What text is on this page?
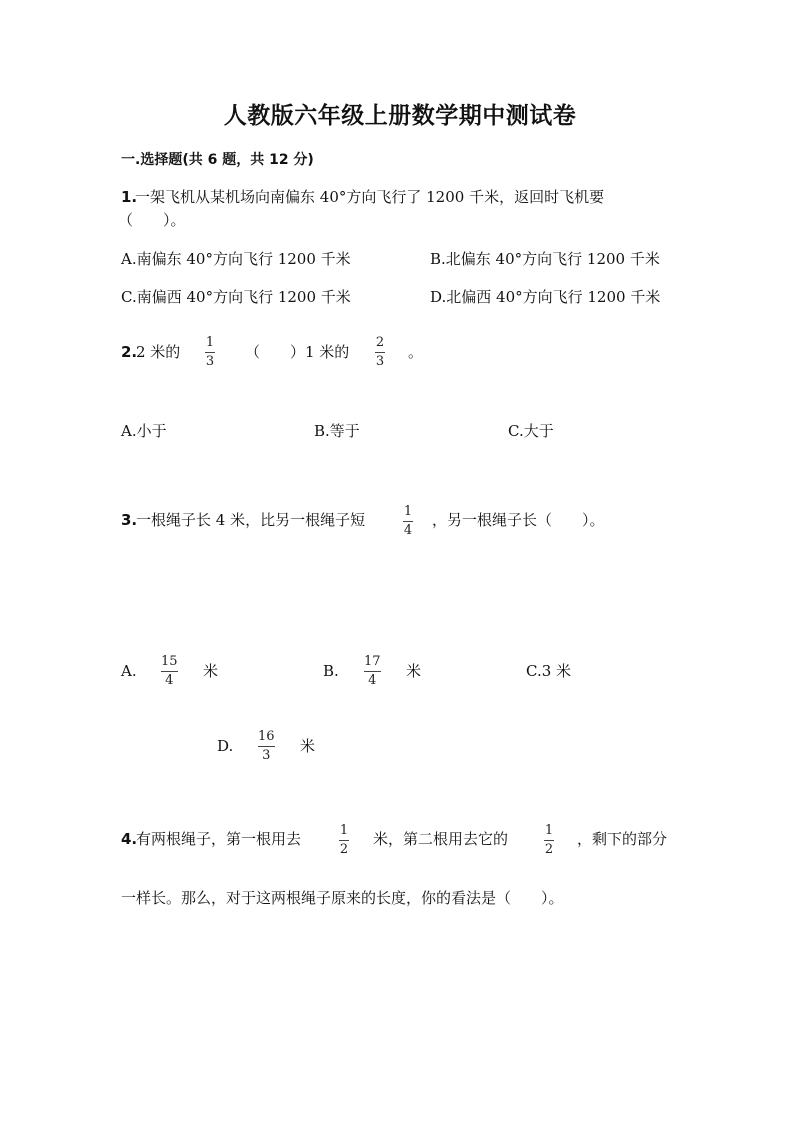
人教版六年级上册数学期中测试卷
一.选择题(共 6 题，共 12 分)
1.
一架飞机从某机场向南偏东 40°方向飞行了 1200 千米，返回时飞机要
（　　）。
A.南偏东 40°方向飞行 1200 千米	B.北偏东 40°方向飞行 1200 千米
C.南偏西 40°方向飞行 1200 千米	D.北偏西 40°方向飞行 1200 千米
2.
2 米的
1
3
（　　）1 米的
2
3
。
A.小于	B.等于	C.大于
3.
一根绳子长 4 米，比另一根绳子短	1
4
，另一根绳子长（　　）。
A.
15
4
米	B.
17
4
米	C.3 米
D.
16
3
米
4.
有两根绳子，第一根用去	1
2
米，第二根用去它的	1
2
，剩下的部分
一样长。那么，对于这两根绳子原来的长度，你的看法是（　　）。
